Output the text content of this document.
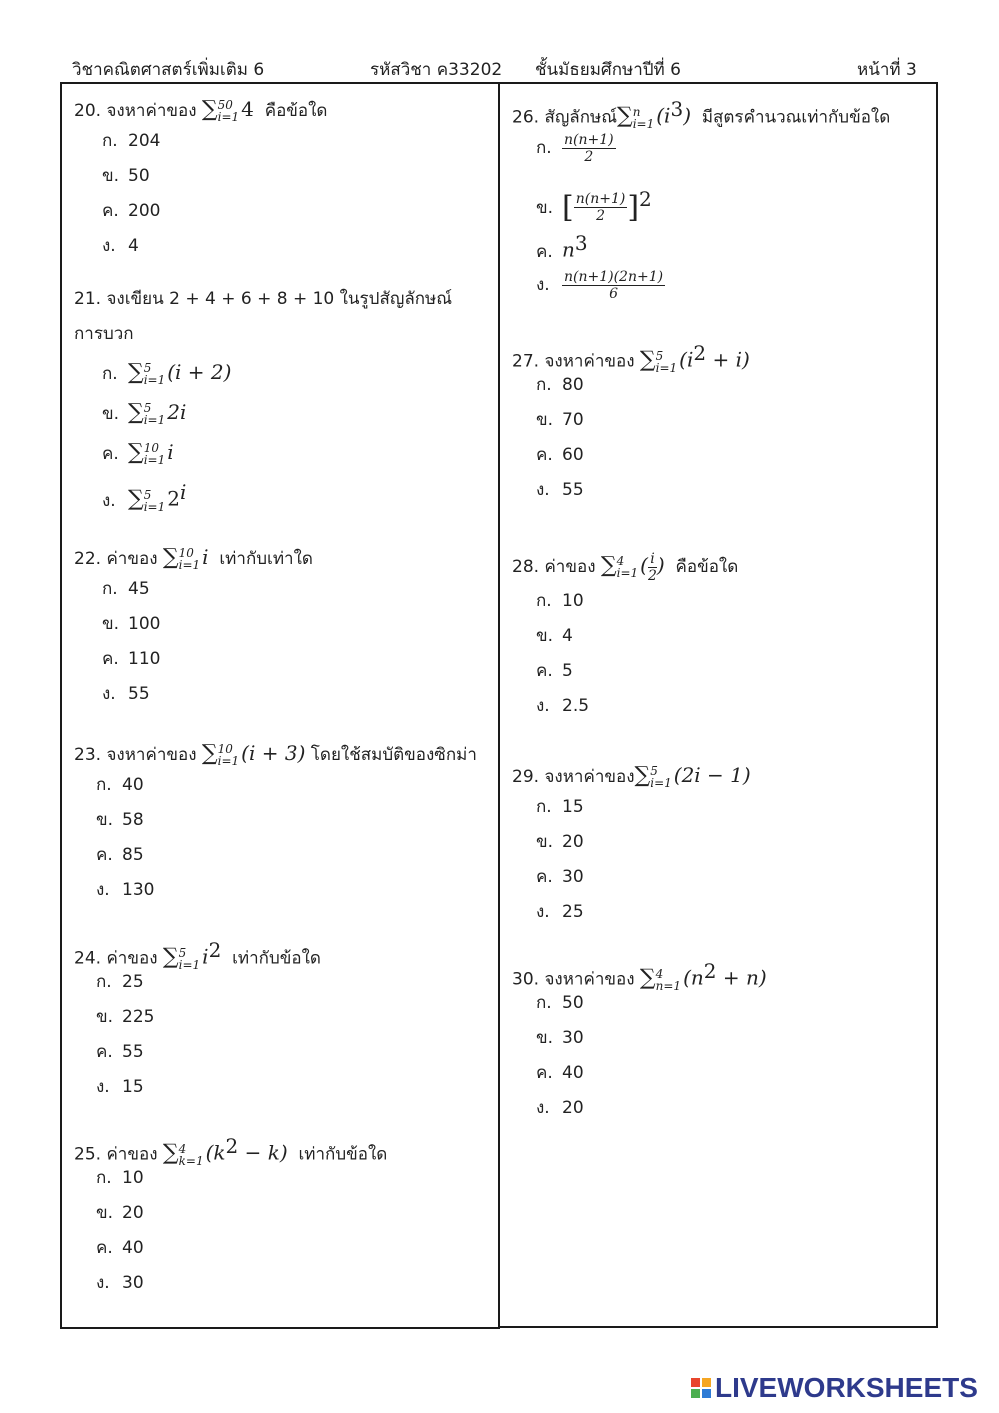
วิชาคณิตศาสตร์เพิ่มเติม 6	รหัสวิชา ค33202 ชั้นมัธยมศึกษาปีที่ 6	หน้าที่ 3
20. จงหาค่าของ ∑ 50
i=1 4 คือข้อใด
ก. 204
ข. 50
ค. 200
ง. 4
21. จงเขียน 2 + 4 + 6 + 8 + 10 ในรูปสัญลักษณ์การบวก
ก. ∑ 5
i=1 (i + 2)
ข. ∑ 5
i=1 2i
ค. ∑ 10
i=1 i
ง. ∑ 5
i=1 2$^i$
22. ค่าของ ∑ 10
i=1 i เท่ากับเท่าใด
ก. 45
ข. 100
ค. 110
ง. 55
23. จงหาค่าของ ∑ 10
i=1 (i + 3) โดยใช้สมบัติของซิกม่า
ก. 40
ข. 58
ค. 85
ง. 130
24. ค่าของ ∑ 5
i=1 $i^2$ เท่ากับข้อใด
ก. 25
ข. 225
ค. 55
ง. 15
25. ค่าของ ∑ 4
k=1 $(k^2 - k)$ เท่ากับข้อใด
ก. 10
ข. 20
ค. 40
ง. 30
26. สัญลักษณ์∑ n
i=1 $(i^3)$ มีสูตรคำนวณเท่ากับข้อใด
ก. $\frac{n(n+1)}{2}$
ข. [ $\frac{n(n+1)}{2} ]^2$
ค. $n^3$
ง. $\frac{n(n+1)(2n+1)}{6}$
27. จงหาค่าของ ∑ 5
i=1 $(i^2 + i)$
ก. 80
ข. 70
ค. 60
ง. 55
28. ค่าของ ∑ 4
i=1 ( $\frac{i}{2}$ ) คือข้อใด
ก. 10
ข. 4
ค. 5
ง. 2.5
29. จงหาค่าของ∑ 5
i=1 (2i − 1)
ก. 15
ข. 20
ค. 30
ง. 25
30. จงหาค่าของ ∑ 4
n=1 $(n^2 + n)$
ก. 50
ข. 30
ค. 40
ง. 20
LIVEWORKSHEETS
